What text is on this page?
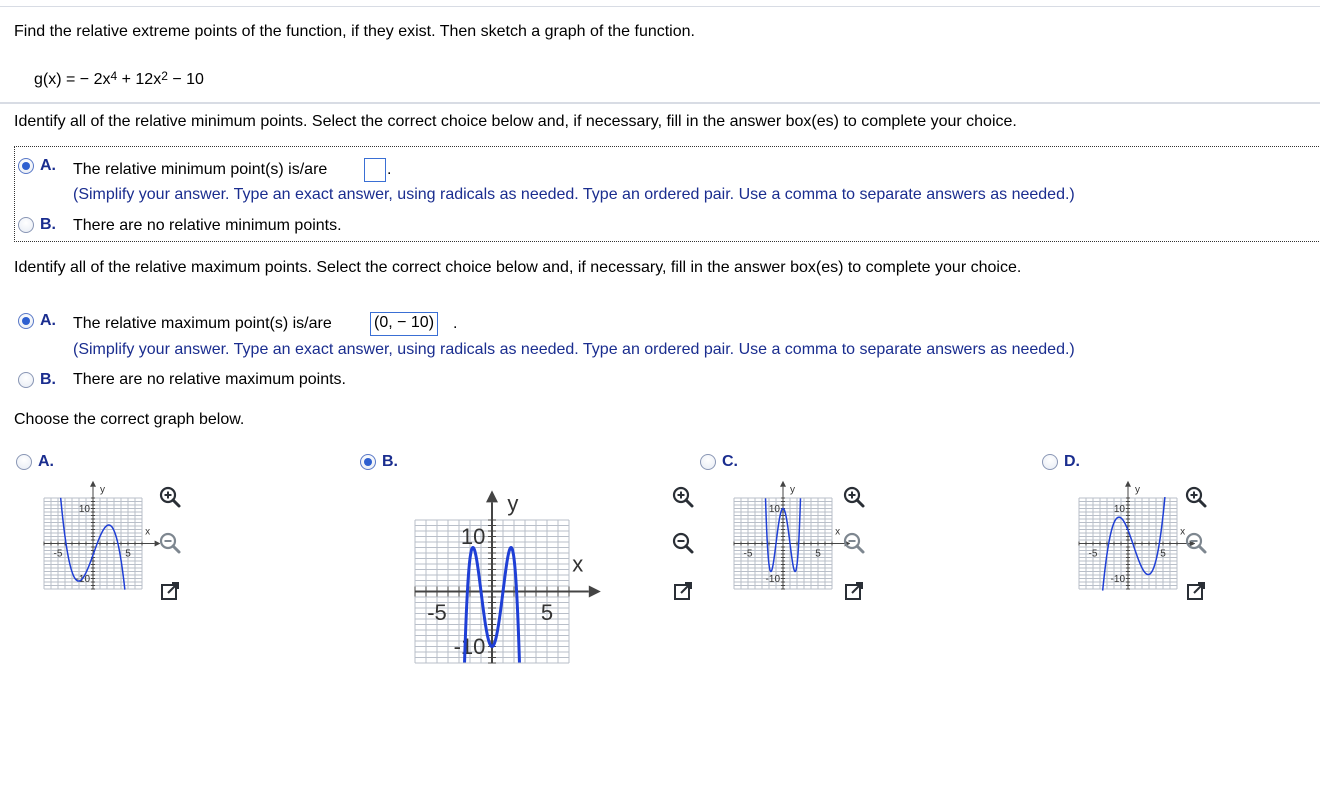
Find the relative extreme points of the function, if they exist. Then sketch a graph of the function.
g(x) = − $2x^4 + 12x^2 - 10$
Identify all of the relative minimum points. Select the correct choice below and, if necessary, fill in the answer box(es) to complete your choice.
A. The relative minimum point(s) is/are	.
(Simplify your answer. Type an exact answer, using radicals as needed. Type an ordered pair. Use a comma to separate answers as needed.)
B. There are no relative minimum points.
Identify all of the relative maximum points. Select the correct choice below and, if necessary, fill in the answer box(es) to complete your choice.
A. The relative maximum point(s) is/are	(0, − 10) .
(Simplify your answer. Type an exact answer, using radicals as needed. Type an ordered pair. Use a comma to separate answers as needed.)
B. There are no relative maximum points.
Choose the correct graph below.
A.	B.	C.	D.
-5	5
10
-10
x
y
-5	5
10
-10
x
y
-5	5
10
-10
x
y
-5	5
10
-10
x
y
